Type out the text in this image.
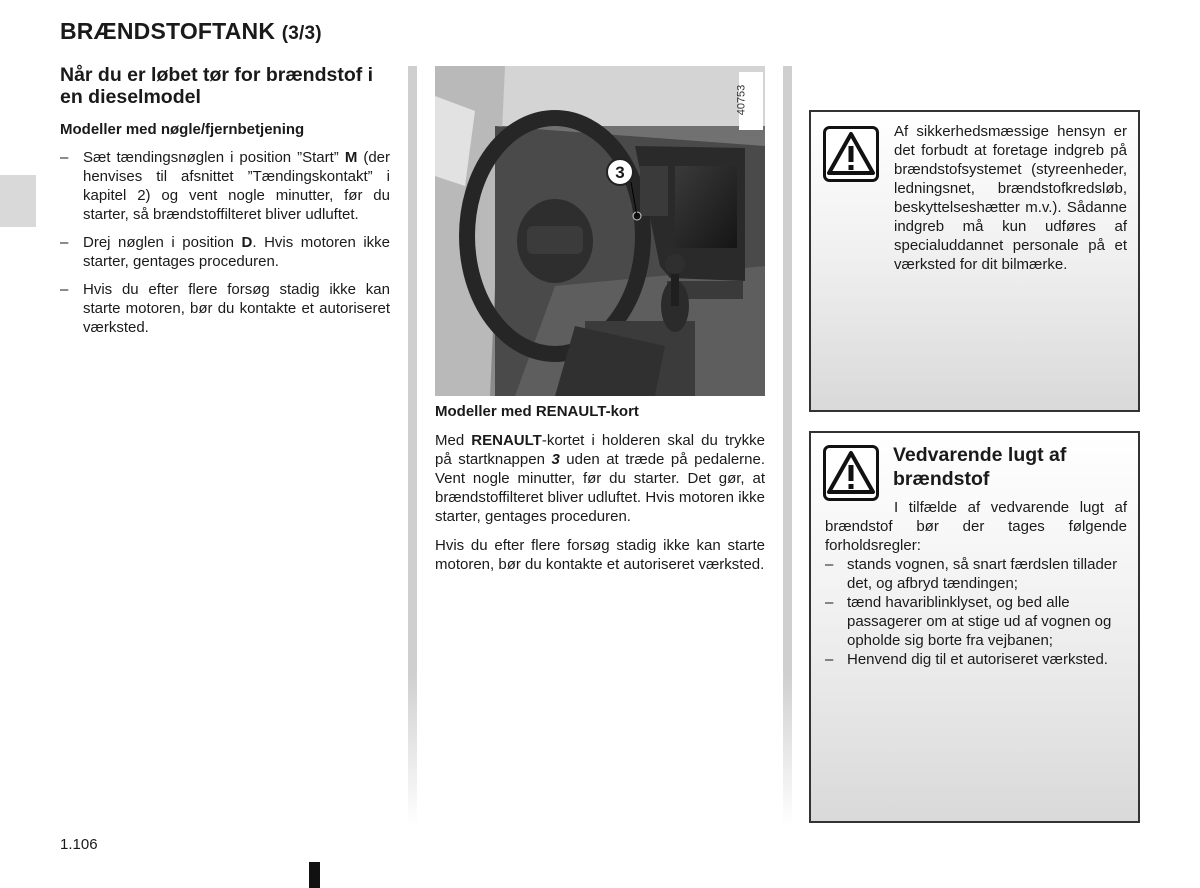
BRÆNDSTOFTANK (3/3)
Når du er løbet tør for brændstof i en dieselmodel
Modeller med nøgle/fjernbetjening
– Sæt tændingsnøglen i position ”Start” M (der henvises til afsnittet ”Tændingskontakt” i kapitel 2) og vent nogle minutter, før du starter, så brændstoffilteret bliver udluftet.
– Drej nøglen i position D. Hvis motoren ikke starter, gentages proceduren.
– Hvis du efter flere forsøg stadig ikke kan starte motoren, bør du kontakte et autoriseret værksted.
40753
3
Modeller med RENAULT-kort

Med RENAULT-kortet i holderen skal du trykke på startknappen 3 uden at træde på pedalerne. Vent nogle minutter, før du starter. Det gør, at brændstoffilteret bliver udluftet. Hvis motoren ikke starter, gentages proceduren.

Hvis du efter flere forsøg stadig ikke kan starte motoren, bør du kontakte et autoriseret værksted.

Af sikkerhedsmæssige hensyn er det forbudt at foretage indgreb på brændstofsystemet (styreenheder, ledningsnet, brændstofkredsløb, beskyttelseshætter m.v.). Sådanne indgreb må kun udføres af specialuddannet personale på et værksted for dit bilmærke.
Vedvarende lugt af brændstof
I tilfælde af vedvarende lugt af brændstof bør der tages følgende forholdsregler:
– stands vognen, så snart færdslen tillader det, og afbryd tændingen;
– tænd havariblinklyset, og bed alle passagerer om at stige ud af vognen og opholde sig borte fra vejbanen;
– Henvend dig til et autoriseret værksted.
1.106
